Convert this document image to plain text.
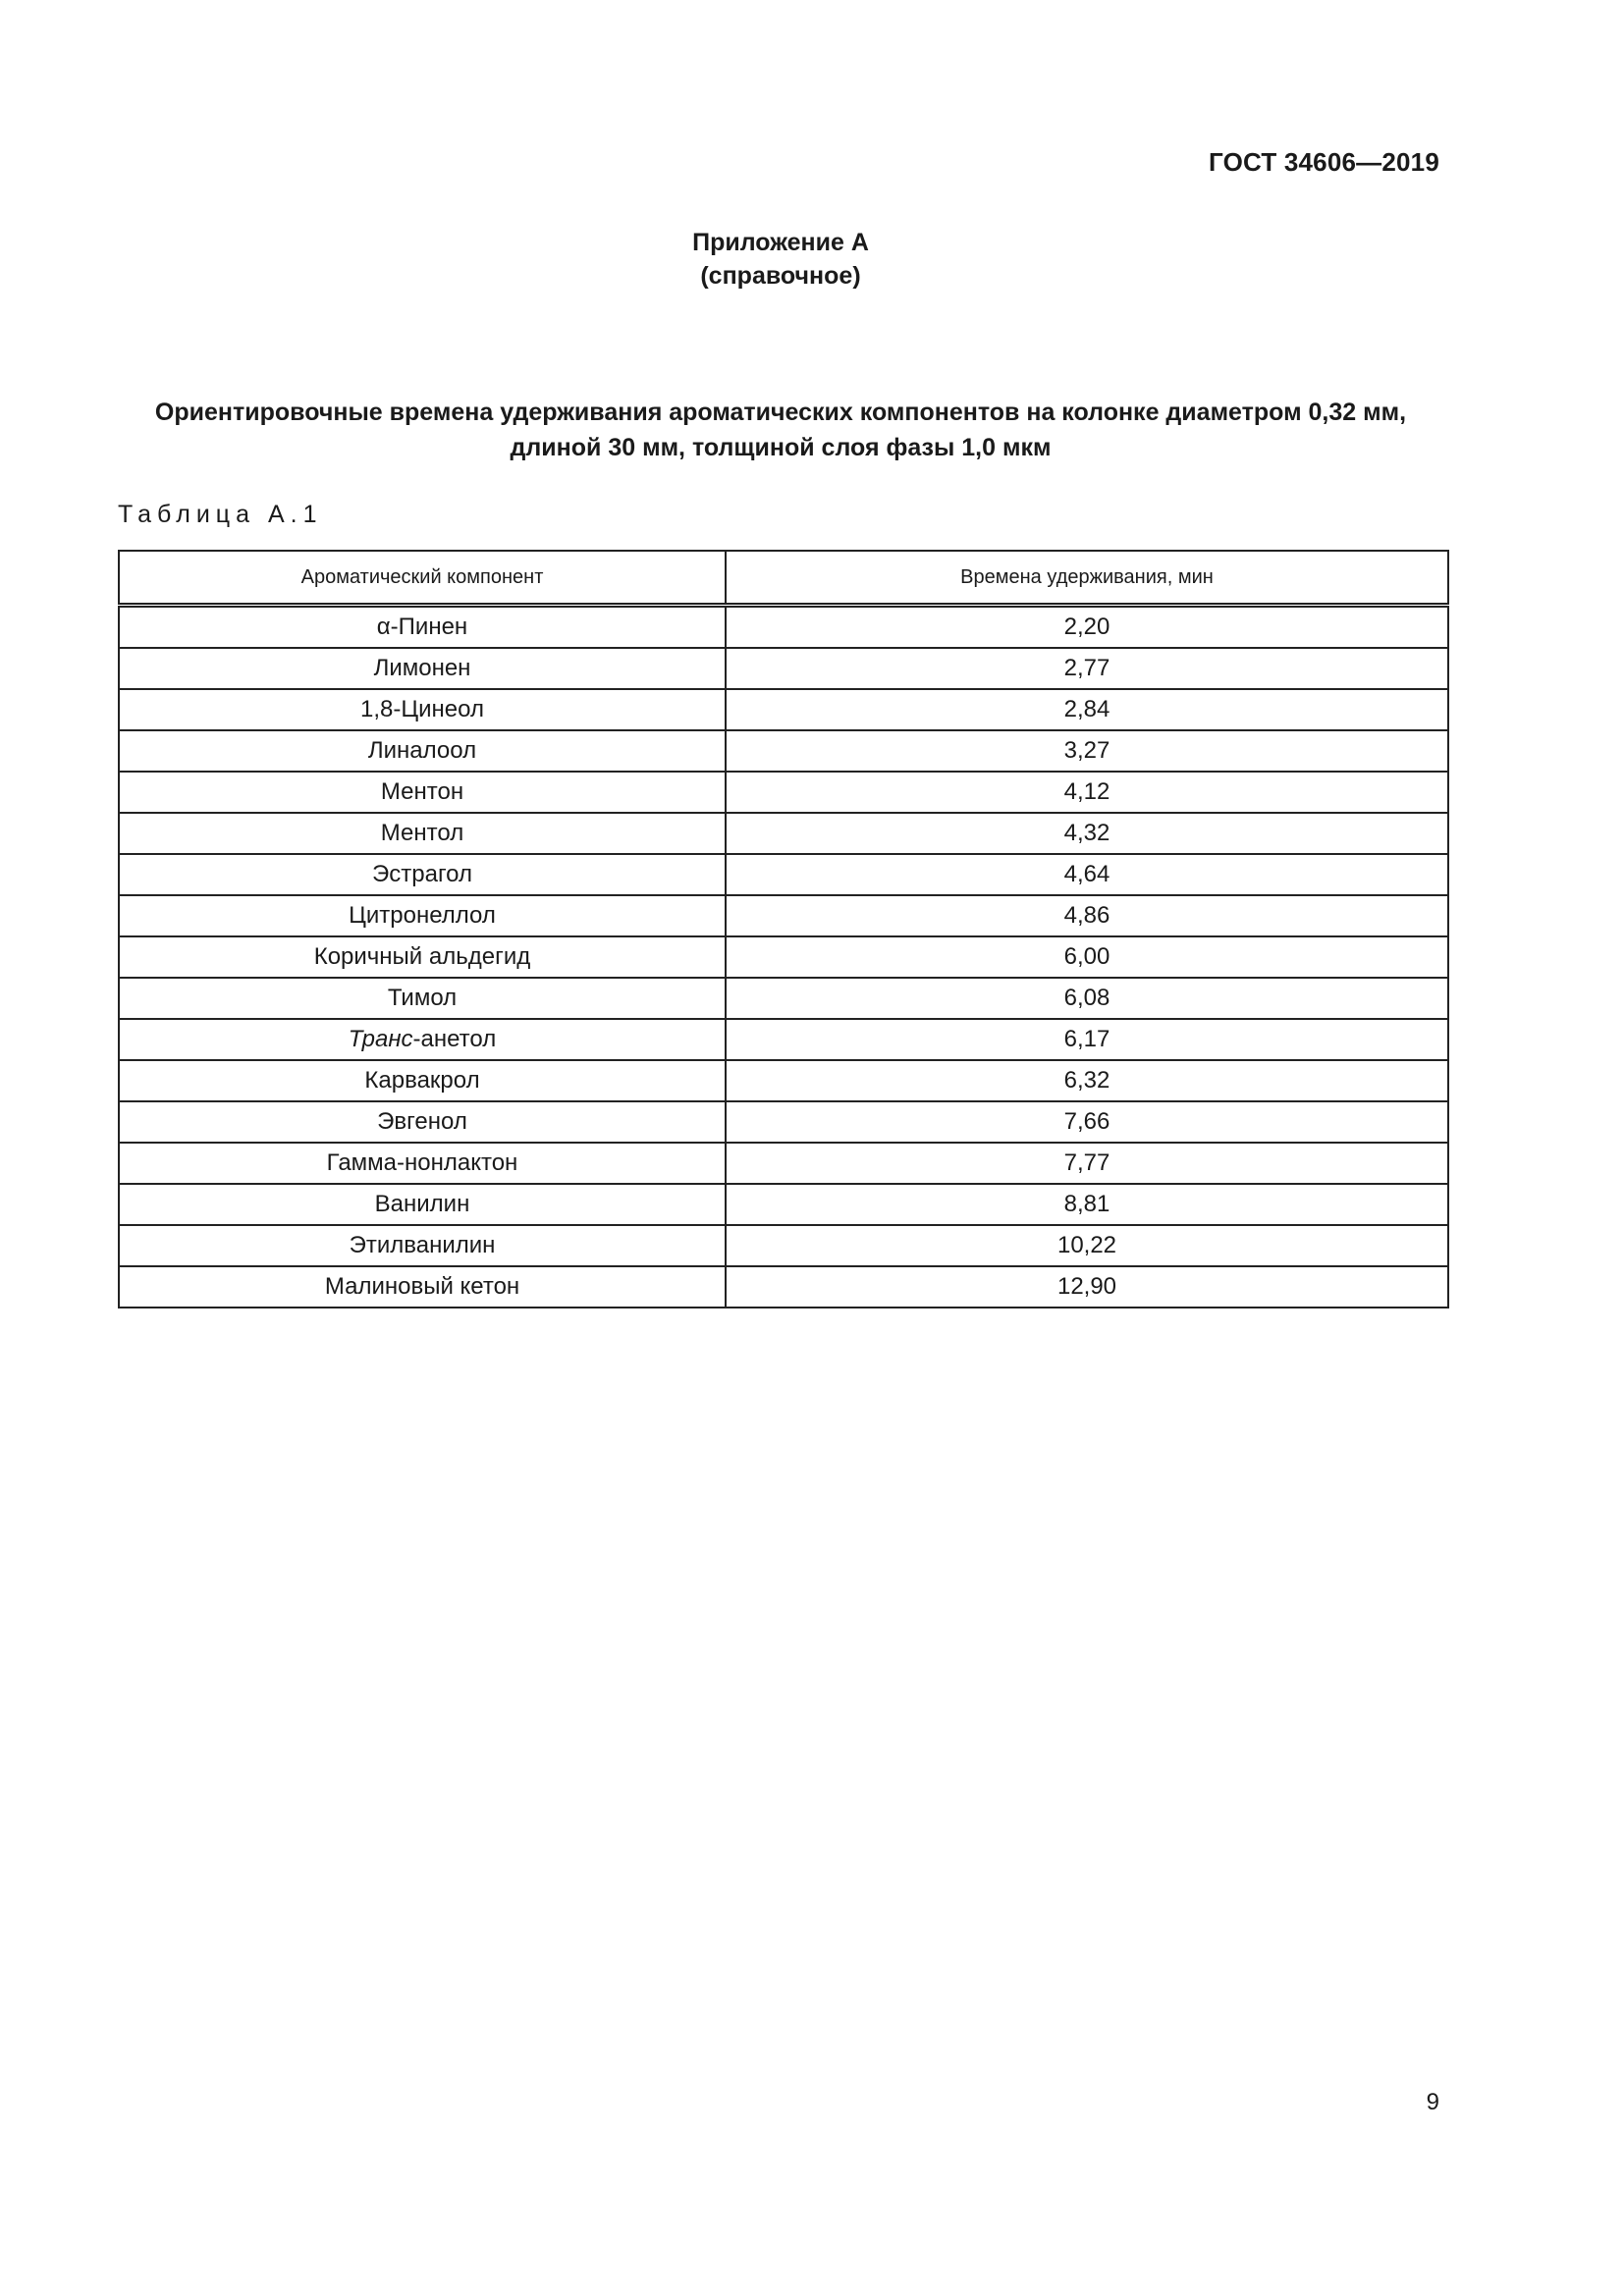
ГОСТ 34606—2019
Приложение А
(справочное)
Ориентировочные времена удерживания ароматических компонентов на колонке диаметром 0,32 мм,
длиной 30 мм, толщиной слоя фазы 1,0 мкм
Таблица А.1
Ароматический компонент	Времена удерживания, мин
α-Пинен	2,20
Лимонен	2,77
1,8-Цинеол	2,84
Линалоол	3,27
Ментон	4,12
Ментол	4,32
Эстрагол	4,64
Цитронеллол	4,86
Коричный альдегид	6,00
Тимол	6,08
Транс-анетол	6,17
Карвакрол	6,32
Эвгенол	7,66
Гамма-нонлактон	7,77
Ванилин	8,81
Этилванилин	10,22
Малиновый кетон	12,90
9
